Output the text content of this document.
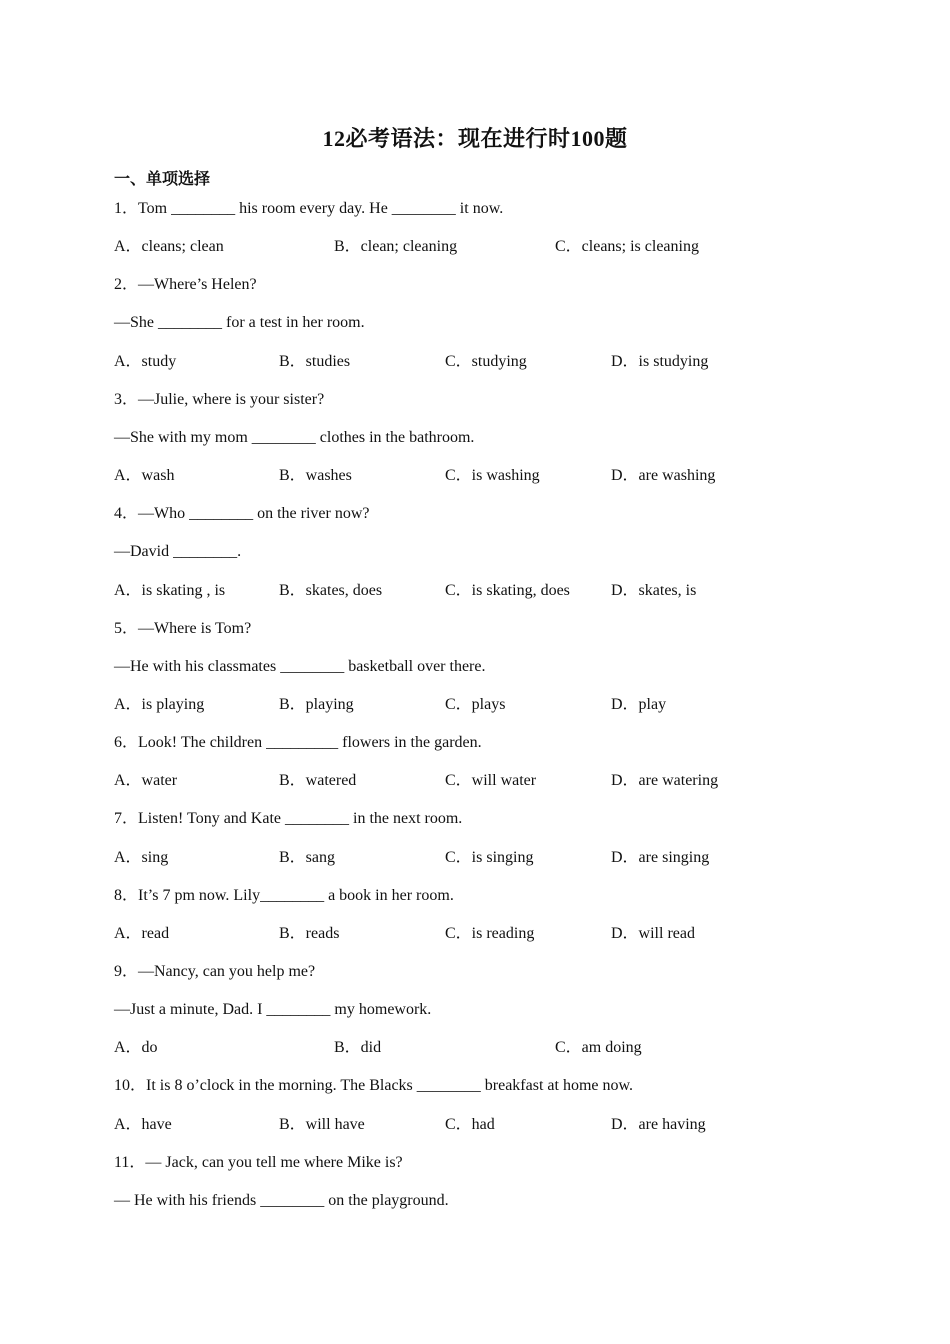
12必考语法：现在进行时100题
一、单项选择
1．Tom ________ his room every day. He ________ it now.
A．cleans; clean	B．clean; cleaning	C．cleans; is cleaning
2．—Where’s Helen?
—She ________ for a test in her room.
A．study	B．studies	C．studying	D．is studying
3．—Julie, where is your sister?
—She with my mom ________ clothes in the bathroom.
A．wash	B．washes	C．is washing	D．are washing
4．—Who ________ on the river now?
—David ________.
A．is skating , is	B．skates, does	C．is skating, does	D．skates, is
5．—Where is Tom?
—He with his classmates ________ basketball over there.
A．is playing	B．playing	C．plays	D．play
6．Look! The children _________ flowers in the garden.
A．water	B．watered	C．will water	D．are watering
7．Listen! Tony and Kate ________ in the next room.
A．sing	B．sang	C．is singing	D．are singing
8．It’s 7 pm now. Lily________ a book in her room.
A．read	B．reads	C．is reading	D．will read
9．—Nancy, can you help me?
—Just a minute, Dad. I ________ my homework.
A．do	B．did	C．am doing
10．It is 8 o’clock in the morning. The Blacks ________ breakfast at home now.
A．have	B．will have	C．had	D．are having
11．— Jack, can you tell me where Mike is?
— He with his friends ________ on the playground.
